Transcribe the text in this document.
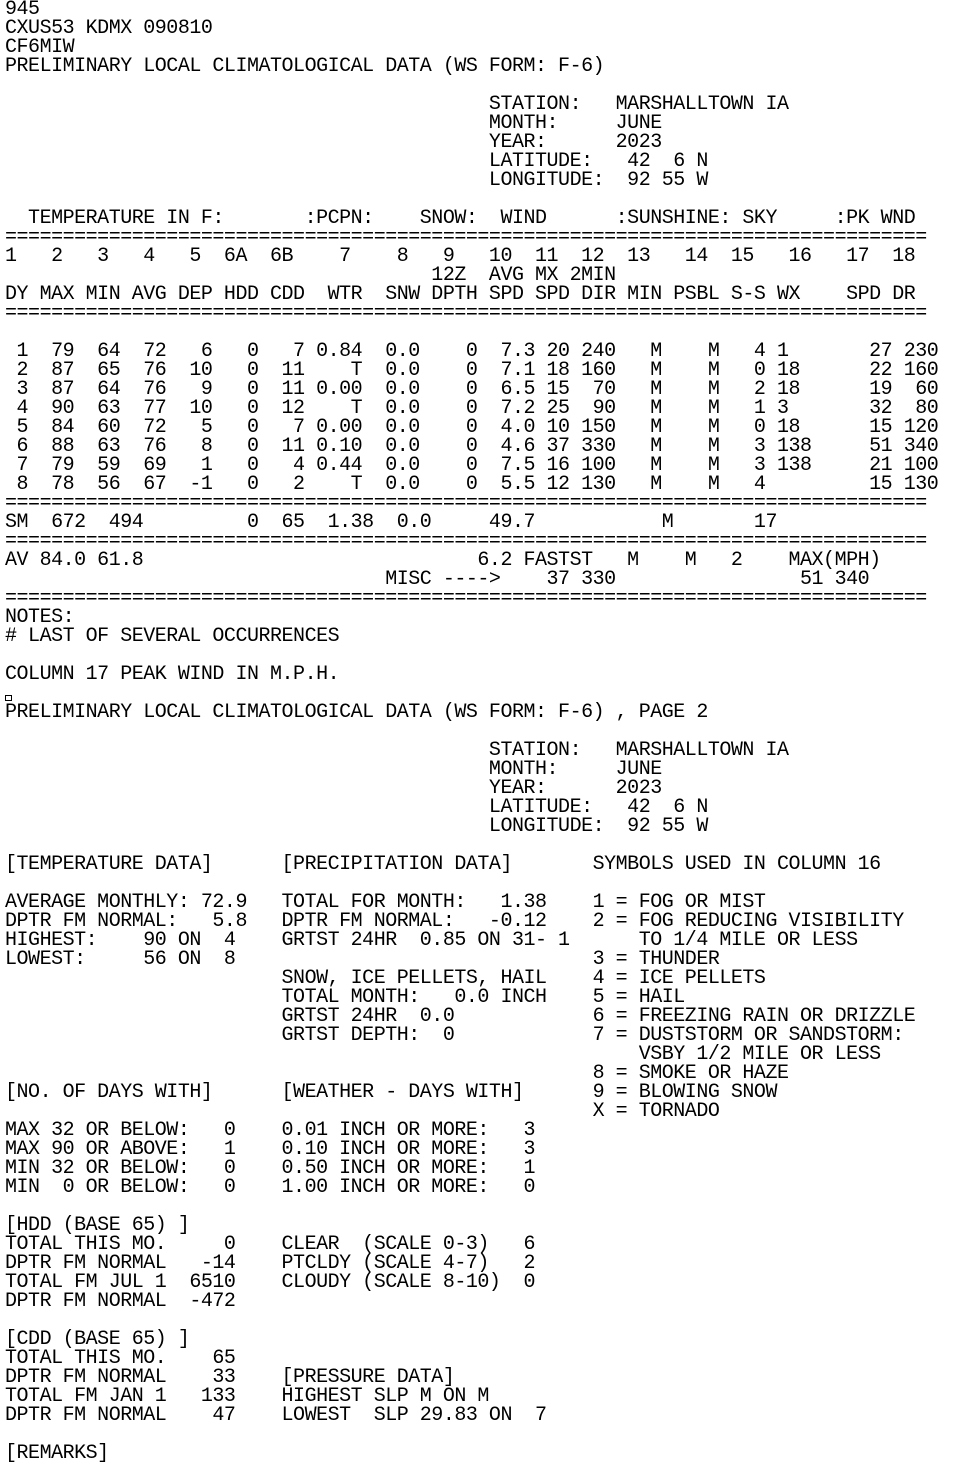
945
CXUS53 KDMX 090810
CF6MIW
PRELIMINARY LOCAL CLIMATOLOGICAL DATA (WS FORM: F-6)
STATION:   MARSHALLTOWN IA
MONTH:     JUNE
YEAR:      2023
LATITUDE:   42  6 N
LONGITUDE:  92 55 W
TEMPERATURE IN F:       :PCPN:    SNOW:  WIND      :SUNSHINE: SKY     :PK WND
================================================================================
1   2   3   4   5  6A  6B    7    8   9   10  11  12  13   14  15   16   17  18
12Z  AVG MX 2MIN
DY MAX MIN AVG DEP HDD CDD  WTR  SNW DPTH SPD SPD DIR MIN PSBL S-S WX    SPD DR
================================================================================
1  79  64  72   6   0   7 0.84  0.0    0  7.3 20 240   M    M   4 1       27 230
2  87  65  76  10   0  11    T  0.0    0  7.1 18 160   M    M   0 18      22 160
3  87  64  76   9   0  11 0.00  0.0    0  6.5 15  70   M    M   2 18      19  60
4  90  63  77  10   0  12    T  0.0    0  7.2 25  90   M    M   1 3       32  80
5  84  60  72   5   0   7 0.00  0.0    0  4.0 10 150   M    M   0 18      15 120
6  88  63  76   8   0  11 0.10  0.0    0  4.6 37 330   M    M   3 138     51 340
7  79  59  69   1   0   4 0.44  0.0    0  7.5 16 100   M    M   3 138     21 100
8  78  56  67  -1   0   2    T  0.0    0  5.5 12 130   M    M   4         15 130
================================================================================
SM  672  494         0  65  1.38  0.0     49.7           M       17
================================================================================
AV 84.0 61.8                             6.2 FASTST   M    M   2    MAX(MPH)
MISC ---->    37 330                51 340
================================================================================
NOTES:
# LAST OF SEVERAL OCCURRENCES
COLUMN 17 PEAK WIND IN M.P.H.
PRELIMINARY LOCAL CLIMATOLOGICAL DATA (WS FORM: F-6) , PAGE 2
STATION:   MARSHALLTOWN IA
MONTH:     JUNE
YEAR:      2023
LATITUDE:   42  6 N
LONGITUDE:  92 55 W
[TEMPERATURE DATA]      [PRECIPITATION DATA]       SYMBOLS USED IN COLUMN 16
AVERAGE MONTHLY: 72.9   TOTAL FOR MONTH:   1.38    1 = FOG OR MIST
DPTR FM NORMAL:   5.8   DPTR FM NORMAL:   -0.12    2 = FOG REDUCING VISIBILITY
HIGHEST:    90 ON  4    GRTST 24HR  0.85 ON 31- 1      TO 1/4 MILE OR LESS
LOWEST:     56 ON  8                               3 = THUNDER
SNOW, ICE PELLETS, HAIL    4 = ICE PELLETS
TOTAL MONTH:   0.0 INCH    5 = HAIL
GRTST 24HR  0.0            6 = FREEZING RAIN OR DRIZZLE
GRTST DEPTH:  0            7 = DUSTSTORM OR SANDSTORM:
VSBY 1/2 MILE OR LESS
8 = SMOKE OR HAZE
[NO. OF DAYS WITH]      [WEATHER - DAYS WITH]      9 = BLOWING SNOW
X = TORNADO
MAX 32 OR BELOW:   0    0.01 INCH OR MORE:   3
MAX 90 OR ABOVE:   1    0.10 INCH OR MORE:   3
MIN 32 OR BELOW:   0    0.50 INCH OR MORE:   1
MIN  0 OR BELOW:   0    1.00 INCH OR MORE:   0
[HDD (BASE 65) ]
TOTAL THIS MO.     0    CLEAR  (SCALE 0-3)   6
DPTR FM NORMAL   -14    PTCLDY (SCALE 4-7)   2
TOTAL FM JUL 1  6510    CLOUDY (SCALE 8-10)  0
DPTR FM NORMAL  -472
[CDD (BASE 65) ]
TOTAL THIS MO.    65
DPTR FM NORMAL    33    [PRESSURE DATA]
TOTAL FM JAN 1   133    HIGHEST SLP M ON M
DPTR FM NORMAL    47    LOWEST  SLP 29.83 ON  7
[REMARKS]
